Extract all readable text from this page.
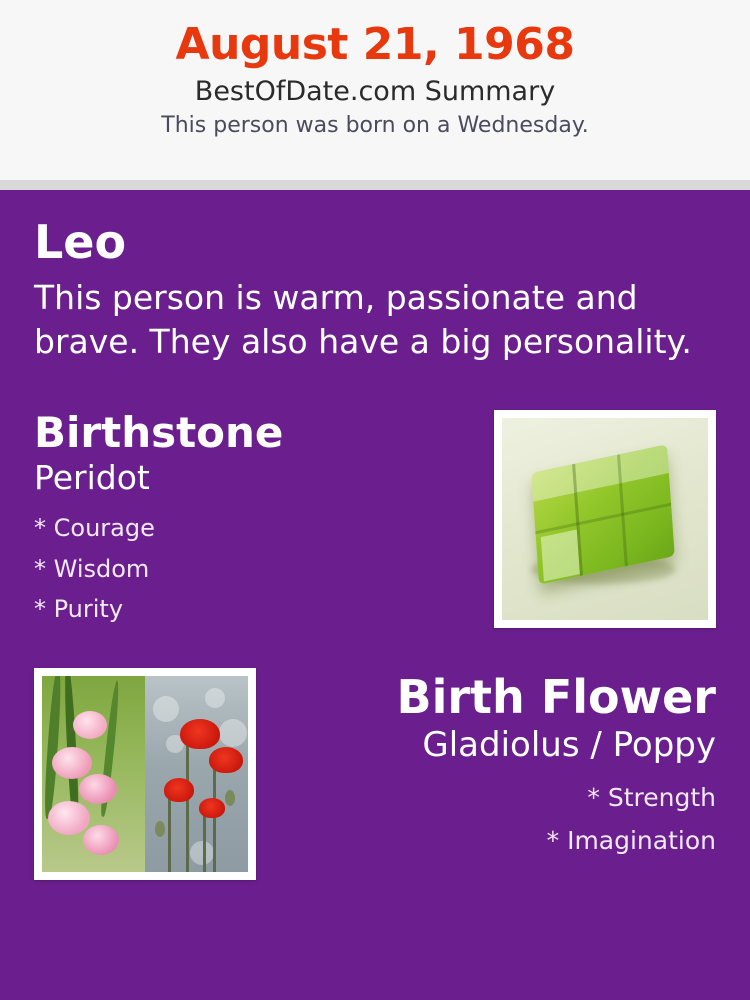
August 21, 1968
BestOfDate.com Summary
This person was born on a Wednesday.
Leo
This person is warm, passionate and brave. They also have a big personality.
Birthstone
Peridot

* Courage

* Wisdom

* Purity

Birth Flower
Gladiolus / Poppy

* Strength

* Imagination
